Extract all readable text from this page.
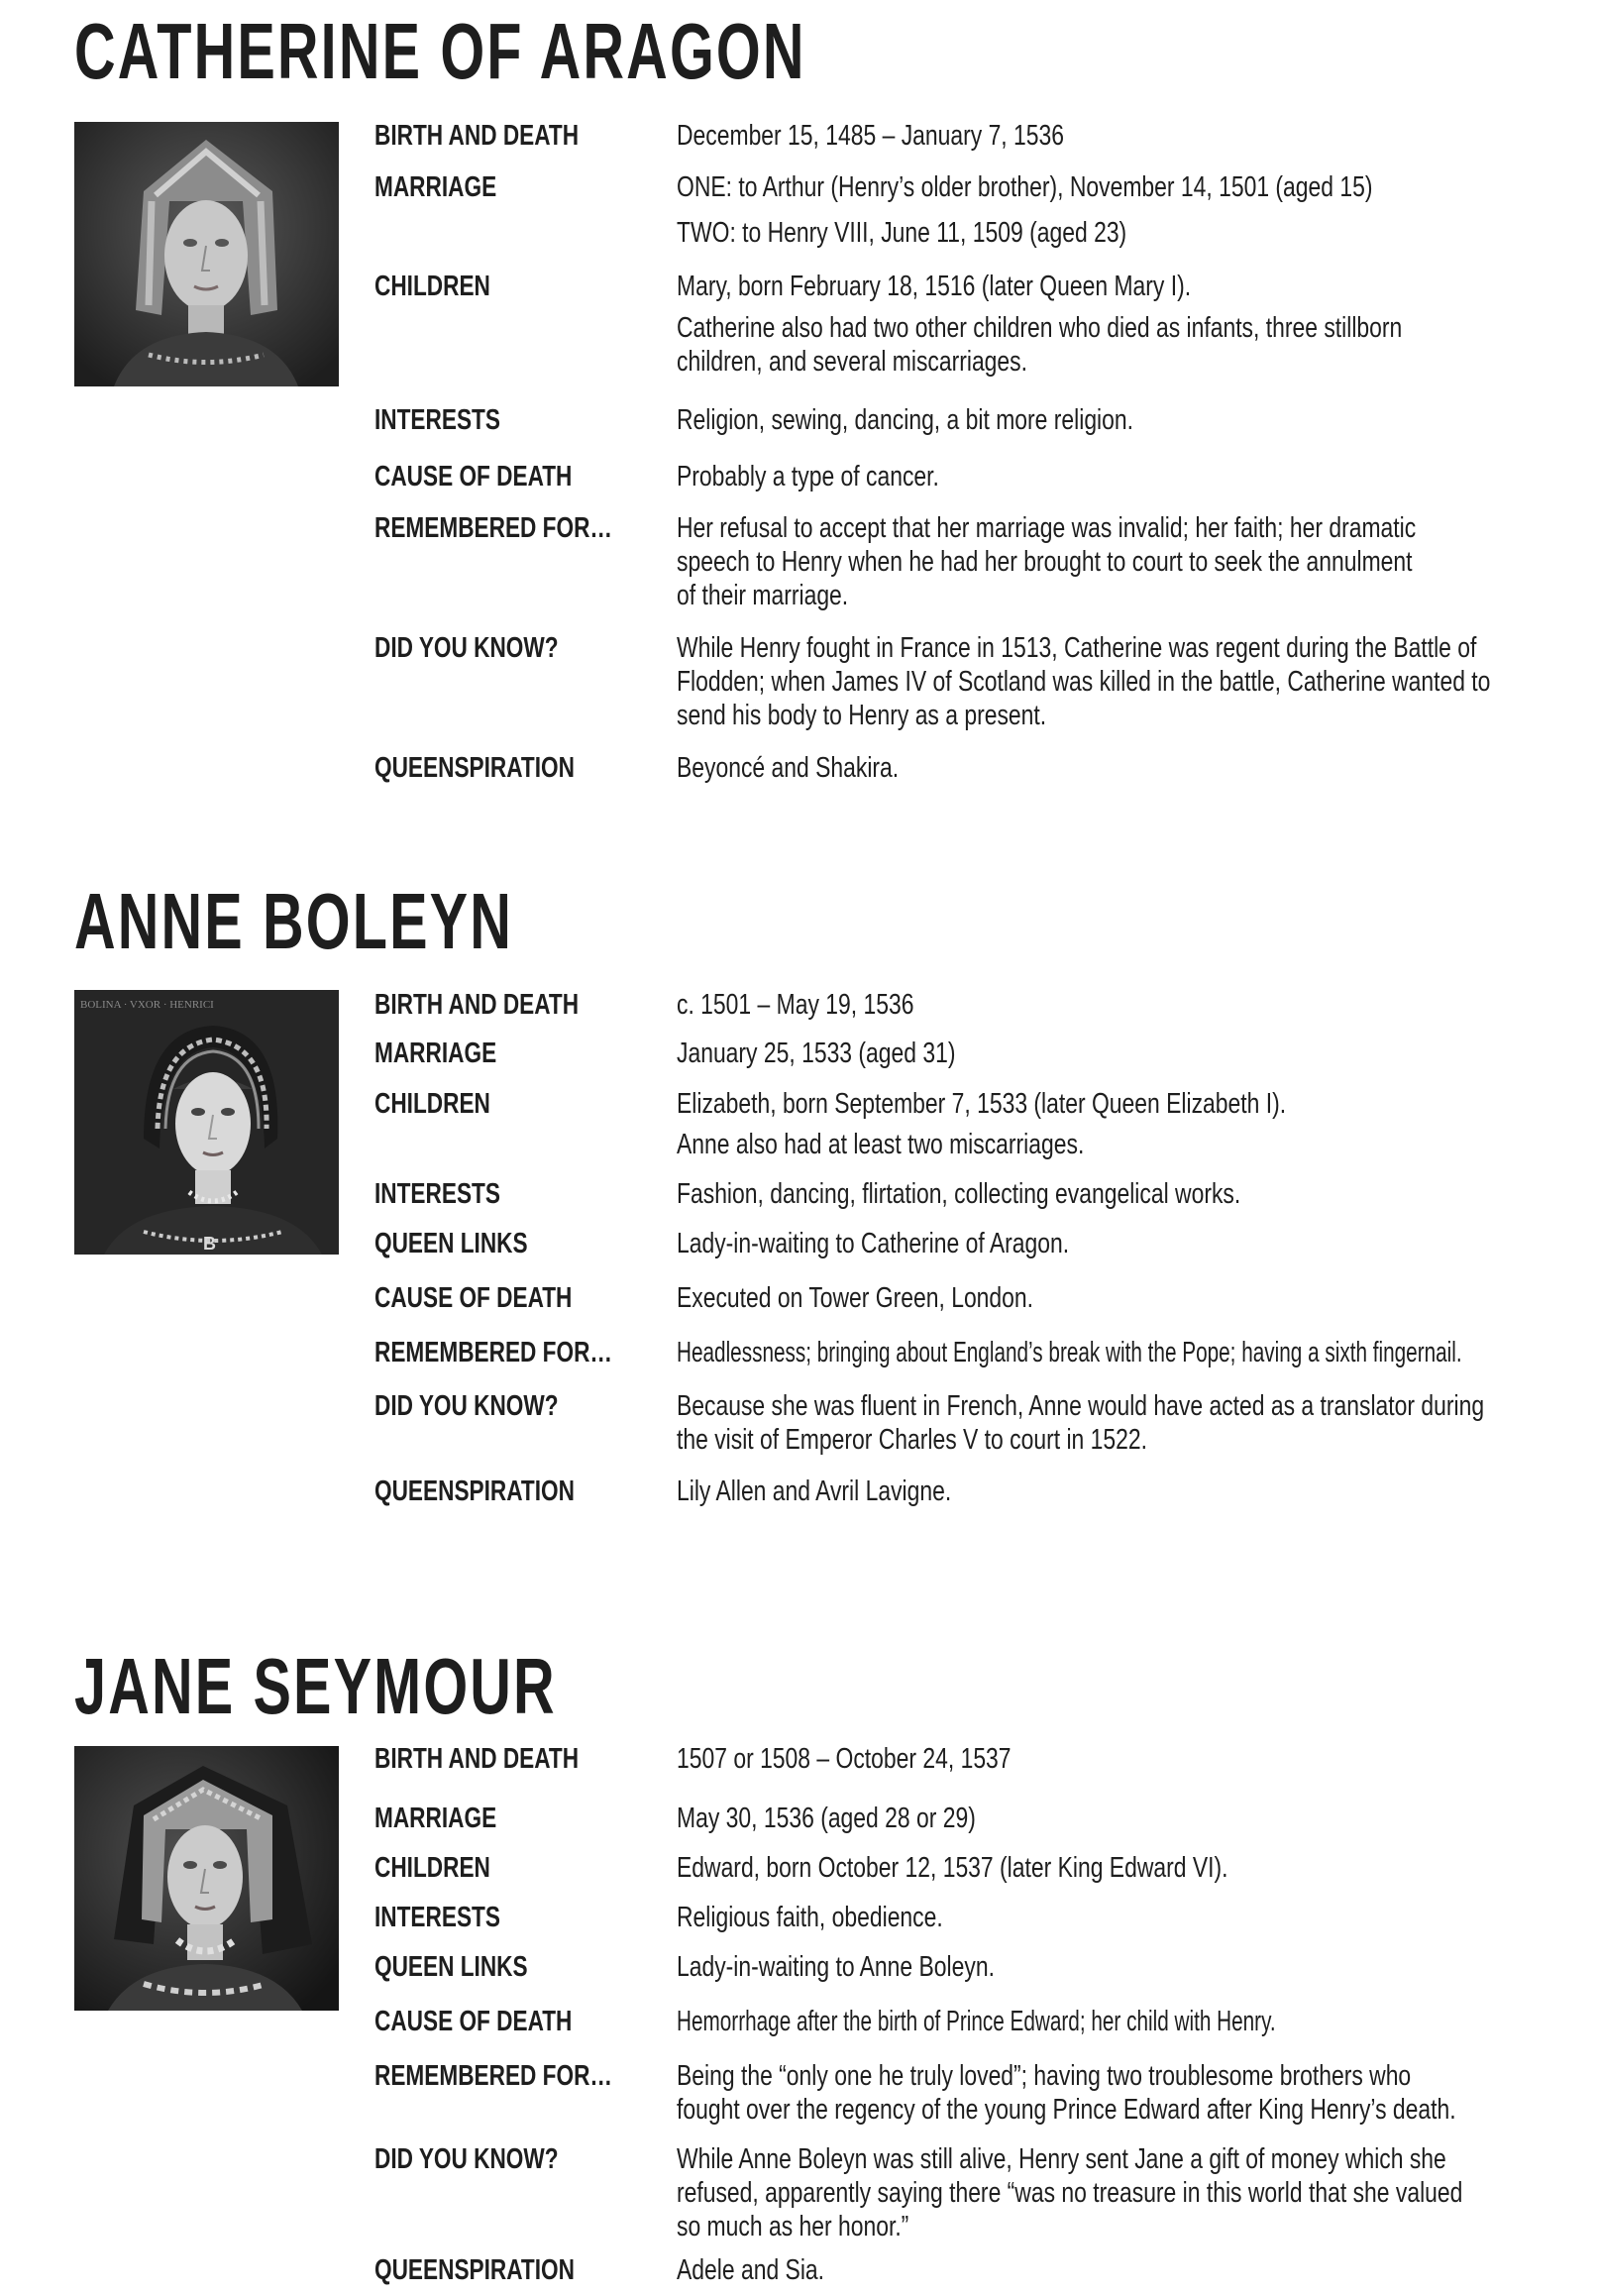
CATHERINE OF ARAGON
BIRTH AND DEATH	December 15, 1485 – January 7, 1536
MARRIAGE	ONE: to Arthur (Henry’s older brother), November 14, 1501 (aged 15)
TWO: to Henry VIII, June 11, 1509 (aged 23)
CHILDREN	Mary, born February 18, 1516 (later Queen Mary I).
Catherine also had two other children who died as infants, three stillborn
children, and several miscarriages.
INTERESTS	Religion, sewing, dancing, a bit more religion.
CAUSE OF DEATH	Probably a type of cancer.
REMEMBERED FOR… Her refusal to accept that her marriage was invalid; her faith; her dramatic
speech to Henry when he had her brought to court to seek the annulment
of their marriage.
DID YOU KNOW?	While Henry fought in France in 1513, Catherine was regent during the Battle of
Flodden; when James IV of Scotland was killed in the battle, Catherine wanted to
send his body to Henry as a present.
QUEENSPIRATION	Beyoncé and Shakira.
ANNE BOLEYN
BOLINA · VXOR · HENRICI
B
BIRTH AND DEATH	c. 1501 – May 19, 1536
MARRIAGE	January 25, 1533 (aged 31)
CHILDREN	Elizabeth, born September 7, 1533 (later Queen Elizabeth I).
Anne also had at least two miscarriages.
INTERESTS	Fashion, dancing, flirtation, collecting evangelical works.
QUEEN LINKS	Lady-in-waiting to Catherine of Aragon.
CAUSE OF DEATH	Executed on Tower Green, London.
REMEMBERED FOR… Headlessness; bringing about England’s break with the Pope; having a sixth fingernail.
DID YOU KNOW?	Because she was fluent in French, Anne would have acted as a translator during
the visit of Emperor Charles V to court in 1522.
QUEENSPIRATION	Lily Allen and Avril Lavigne.
JANE SEYMOUR
BIRTH AND DEATH	1507 or 1508 – October 24, 1537
MARRIAGE	May 30, 1536 (aged 28 or 29)
CHILDREN	Edward, born October 12, 1537 (later King Edward VI).
INTERESTS	Religious faith, obedience.
QUEEN LINKS	Lady-in-waiting to Anne Boleyn.
CAUSE OF DEATH	Hemorrhage after the birth of Prince Edward; her child with Henry.
REMEMBERED FOR… Being the “only one he truly loved”; having two troublesome brothers who
fought over the regency of the young Prince Edward after King Henry’s death.
DID YOU KNOW?	While Anne Boleyn was still alive, Henry sent Jane a gift of money which she
refused, apparently saying there “was no treasure in this world that she valued
so much as her honor.”
QUEENSPIRATION	Adele and Sia.
